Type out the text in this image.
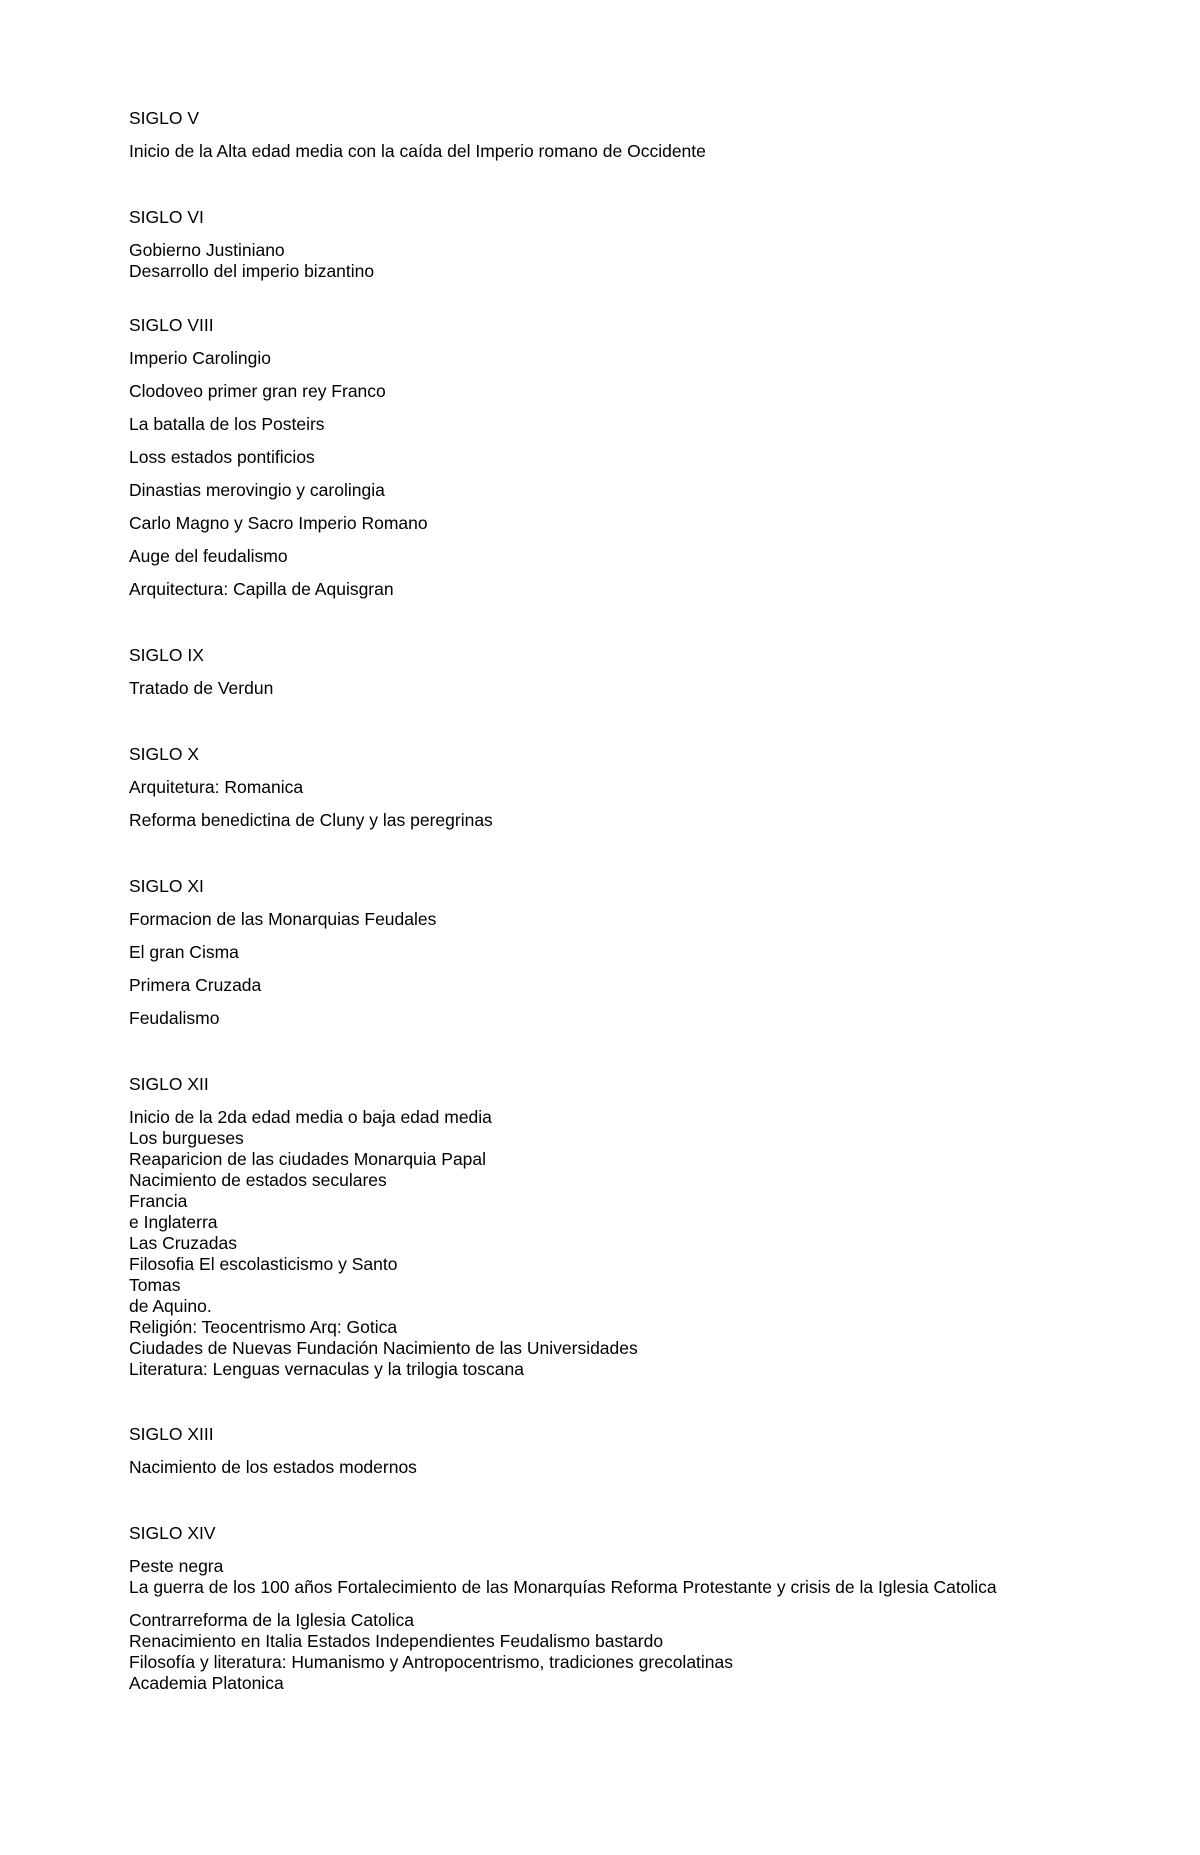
SIGLO V

Inicio de la Alta edad media con la caída del Imperio romano de Occidente

SIGLO VI

Gobierno Justiniano

Desarrollo del imperio bizantino

SIGLO VIII

Imperio Carolingio

Clodoveo primer gran rey Franco

La batalla de los Posteirs

Loss estados pontificios

Dinastias merovingio y carolingia

Carlo Magno y Sacro Imperio Romano

Auge del feudalismo

Arquitectura: Capilla de Aquisgran

SIGLO IX

Tratado de Verdun

SIGLO X

Arquitetura: Romanica

Reforma benedictina de Cluny y las peregrinas

SIGLO XI

Formacion de las Monarquias Feudales

El gran Cisma

Primera Cruzada

Feudalismo

SIGLO XII

Inicio de la 2da edad media o baja edad media

Los burgueses

Reaparicion de las ciudades Monarquia Papal

Nacimiento de estados seculares

Francia

e Inglaterra

Las Cruzadas

Filosofia El escolasticismo y Santo

Tomas

de Aquino.

Religión: Teocentrismo Arq: Gotica

Ciudades de Nuevas Fundación Nacimiento de las Universidades

Literatura: Lenguas vernaculas y la trilogia toscana

SIGLO XIII

Nacimiento de los estados modernos

SIGLO XIV

Peste negra

La guerra de los 100 años Fortalecimiento de las Monarquías Reforma Protestante y crisis de la Iglesia Catolica

Contrarreforma de la Iglesia Catolica

Renacimiento en Italia Estados Independientes Feudalismo bastardo

Filosofía y literatura: Humanismo y Antropocentrismo, tradiciones grecolatinas

Academia Platonica
